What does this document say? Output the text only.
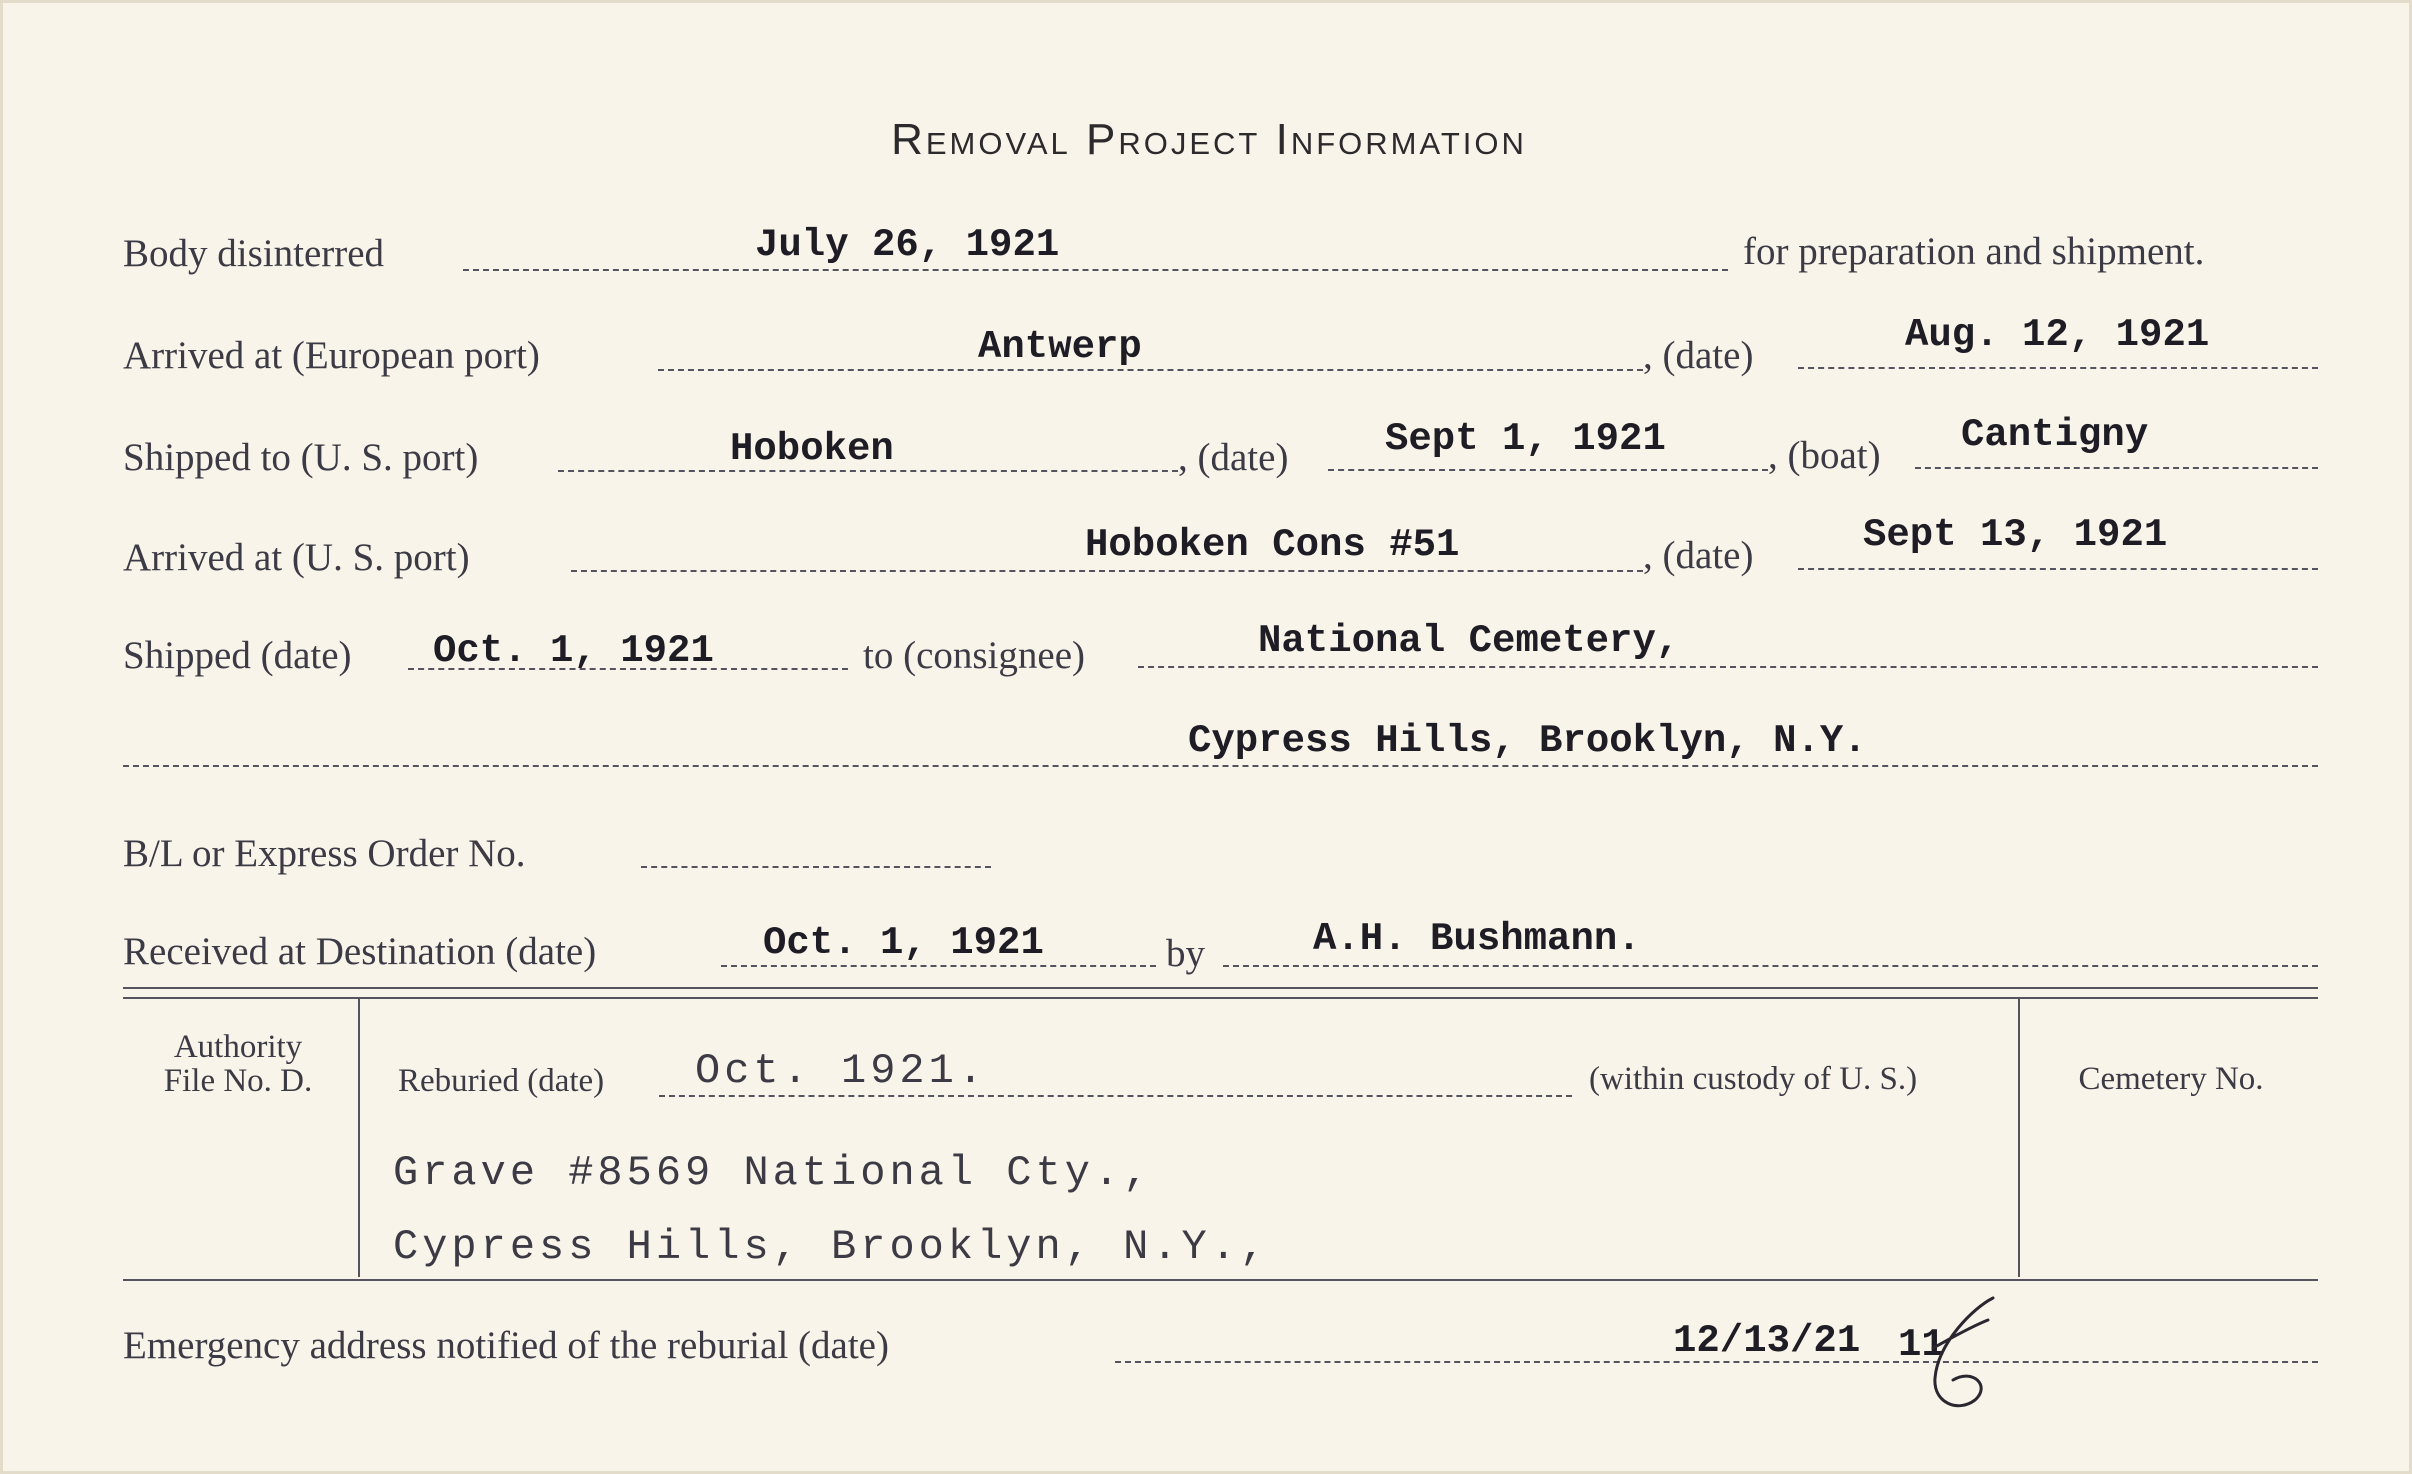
Removal Project Information
Body disinterred	July 26, 1921	for preparation and shipment.
Arrived at (European port)	Antwerp	, (date)	Aug. 12, 1921
Shipped to (U. S. port)	Hoboken	, (date) Sept 1, 1921	, (boat) Cantigny
Arrived at (U. S. port)	Hoboken Cons #51	, (date)	Sept 13, 1921
Shipped (date) Oct. 1, 1921	to (consignee)	National Cemetery,
Cypress Hills, Brooklyn, N.Y.
B/L or Express Order No.
Received at Destination (date)	Oct. 1, 1921	by	A.H. Bushmann.
Authority
File No. D.	Reburied (date) Oct. 1921.	(within custody of U. S.)	Cemetery No.
Grave #8569 National Cty.,
Cypress Hills, Brooklyn, N.Y.,
Emergency address notified of the reburial (date)	12/13/21 11
